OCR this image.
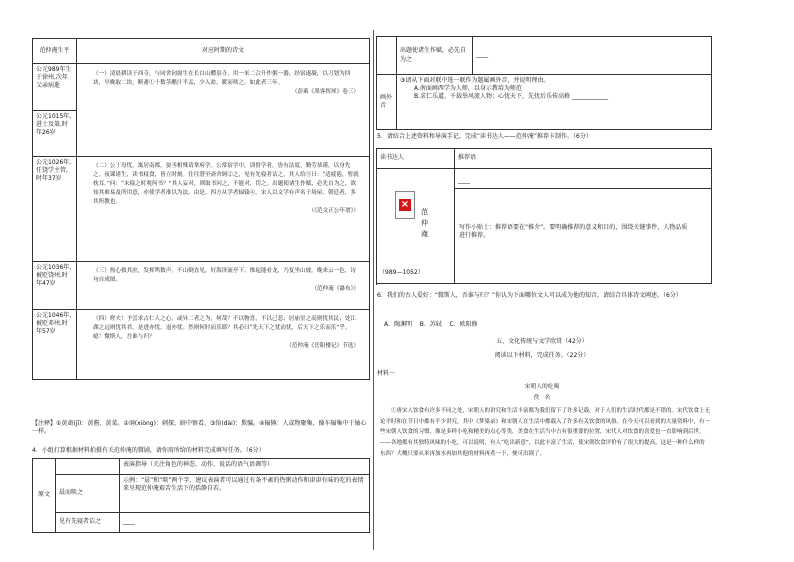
范仲淹生平	对应时期的诗文
公元989年生于徐州,次年父亲病逝	（一）凌晨耕读于西寺，与同舍同窗生在长白山醴泉寺，用一米二合升作粥一器，经宿遂凝，以刀划为四块，早晚取二块，断齑①十数茎醋汁半盂，少入盐，暖而啖之。如此者三年。
（彭乘《墨客挥犀》卷三）

公元1015年,进士及第,时年26岁	
公元1026年,任饶学主管,时年37岁	（二）公丁母忧，寓居南都，晏丞相殊请掌府学。公常宿学中，训督学者，皆有法度，勤劳恭谨，以身先之。夜课诸生，读书寝食，皆立时刻。往往潜至斋舍诇②之，见有先寝者诘之，其人给③曰：“适疲倦，暂就枕耳。”问：“未寝之时观何书？”其人妄对，则取书问之，不能对，罚之。出题使诸生作赋，必先自为之，欲知其难易及所用意，亦使学者准以为法。由是，四方从学者辐辏④。宋人以文学有声名于场屋、朝廷者，多其所教也。
（《范文正公年谱》）

公元1036年,被贬饶州,时年47岁	（三）热心救其庶，发挥鸣数声。不山倒直见，好海泽流亭下。惟起能看龙，乃复坐山坡。晚来云一色，诗句自成图。
（范仲淹《瀑布》）

公元1046年,被贬邓州,时年57岁	（四）嗟夫！予尝求古仁人之心，或异二者之为，何哉？不以物喜，不以己悲；居庙堂之高则忧其民；处江湖之远则忧其君。是进亦忧，退亦忧。然则何时而乐耶？其必曰“先天下之忧而忧，后天下之乐而乐”乎。噫！微斯人，吾谁与归？
（范仲淹《岳阳楼记》节选）
【注释】①黄齑(jī)：黄酱、黄菜。②诇(xiòng)：刺探、暗中察看。③绐(dài)：欺骗。④辐辏：人或物聚集，像车辐集中于轴心一样。
4．小组打算根据材料拍摄有关范仲淹的微剧，请你用所给的材料完成填写任务。（6分）
原文		表演指导（关注角色的神态、动作、说话的语气语调等）
	晨而啖之	示例：“晨”和“啖”两个字，建议表演者可以通过有条不紊的热粥动作和津津有味的吃的表情来呈现范仲淹艰苦生活下的恬静自若。
	见有先寝者诘之	____
	出题使诸生作赋，必先自为之	____
画外音	③请从下面对联中选一联作为题属画外音，并说明理由。
A.南面画西学为人师，以身示教培为师范
B.求仁乐道，千载举风流人物；心忧天下，先忧后乐传高格 ____________	
5．请结合上述资料和导演手记，完成“读书达人——范仲淹”推荐卡制作。（6分）
读书达人	推荐语

×
范仲淹
（989—1052）	____

写作小贴士：推荐语要在“推介”。要明确推荐的意义和目的，围绕关键事件，人物品质进行推荐。
6．我们的古人爱好：“微斯人，吾谁与归？”你认为下面哪位文人可以成为他的知音，请结合具体诗文阐述。（6分）
A．陶渊明    B．苏轼    C．欧阳修
五、文化传统与文学欣赏（42分）
阅读以下材料，完成任务。（22分）
材料一
宋朝人的吃喝
佚　名
①唐宋人饮食有许多不同之处，宋朝人的讲究和生活丰富都为我们留下了许多记载，对于人们的生活时代都是不错的。宋代饮食上无论平时和在节日中都有不少讲究，其中《梦粱录》和宋朝人在生活中都载入了许多有关饮食的风俗。在今天可以看到的大量资料中，有一些宋朝人饮食的习惯，像是多样小吃和精美的点心等类。美食在生活当中占有很重要的位置，宋代人对饮食的喜爱也一直影响到后世。——各地都有其独特风味的小吃，可以说明，有人“吃出新意”，以此丰富了生活，使宋朝饮食评价有了很大的提高，这是一种什么样的东西？大概只要从米再加水再加其他的材料再煮一下，便可出锅了。
